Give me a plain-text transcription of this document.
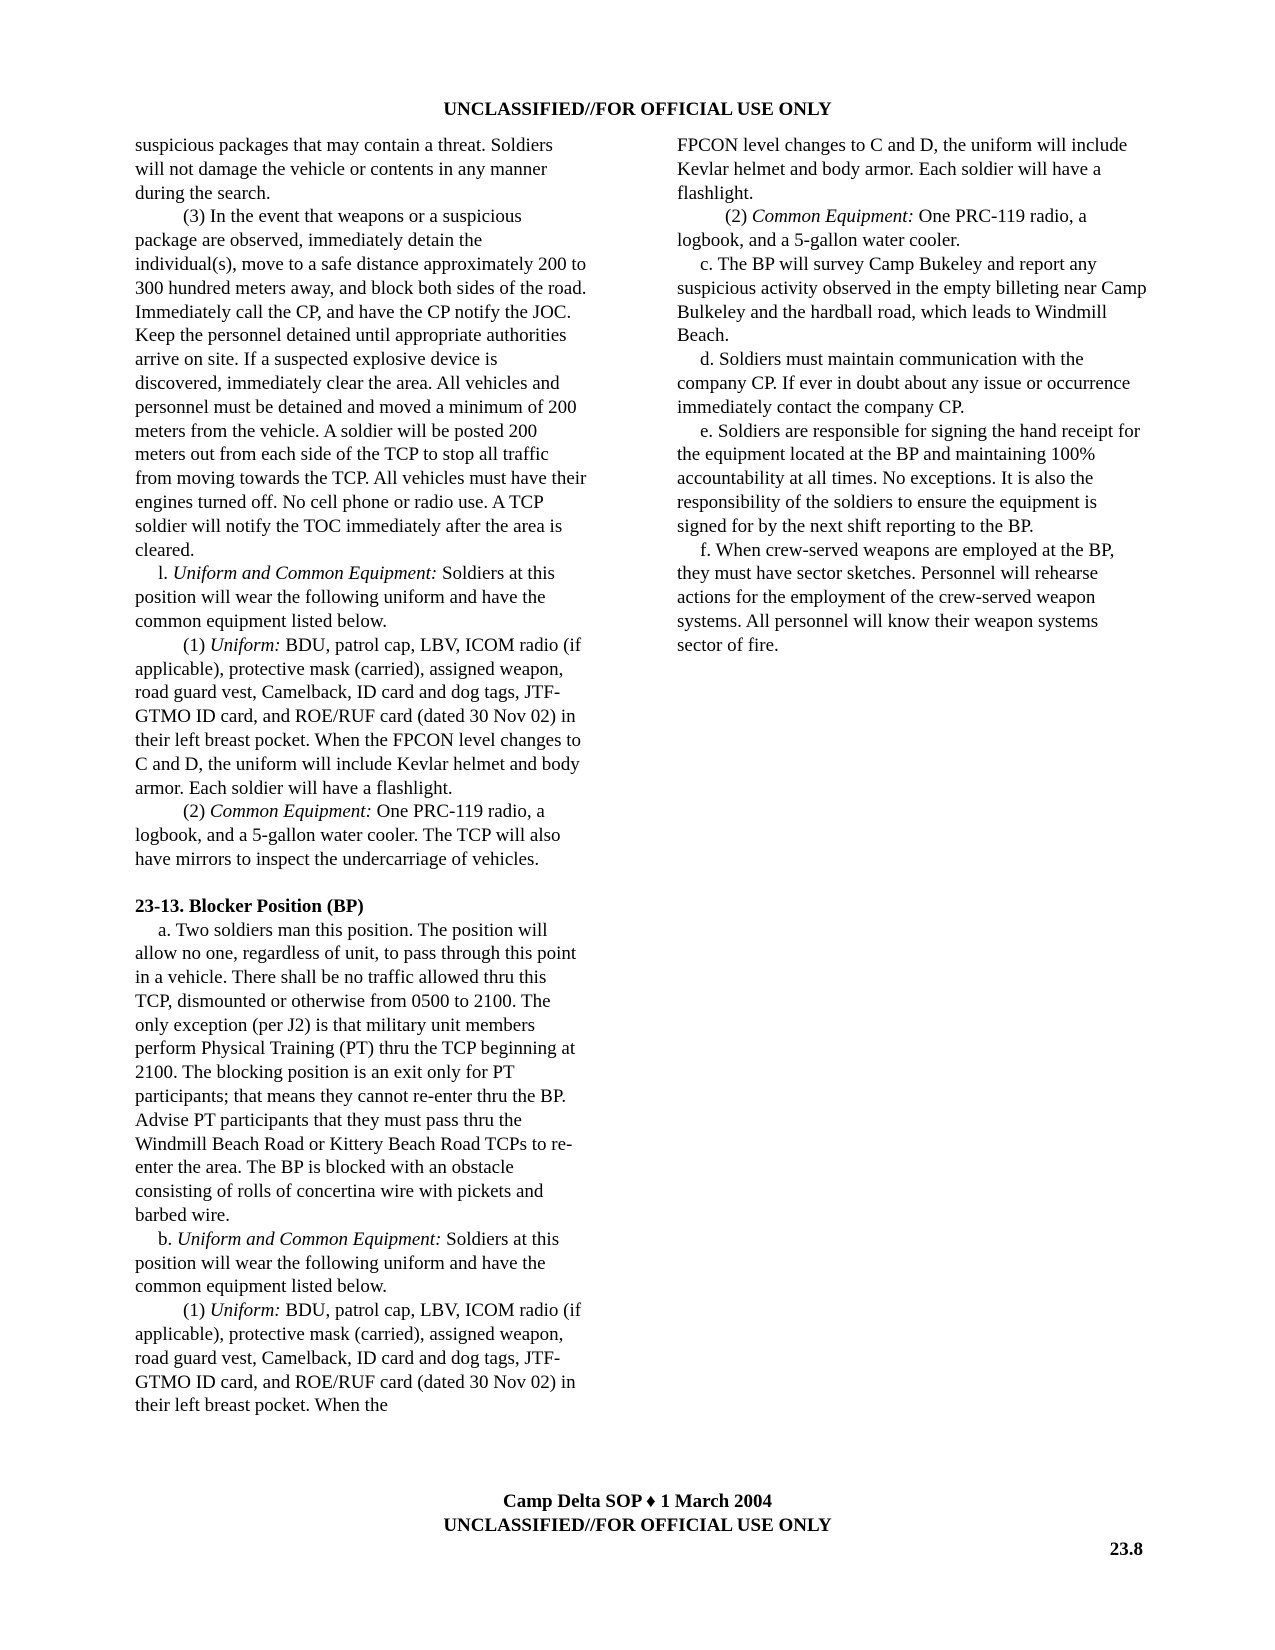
UNCLASSIFIED//FOR OFFICIAL USE ONLY

suspicious packages that may contain a threat. Soldiers will not damage the vehicle or contents in any manner during the search.

(3) In the event that weapons or a suspicious package are observed, immediately detain the individual(s), move to a safe distance approximately 200 to 300 hundred meters away, and block both sides of the road. Immediately call the CP, and have the CP notify the JOC. Keep the personnel detained until appropriate authorities arrive on site. If a suspected explosive device is discovered, immediately clear the area. All vehicles and personnel must be detained and moved a minimum of 200 meters from the vehicle. A soldier will be posted 200 meters out from each side of the TCP to stop all traffic from moving towards the TCP. All vehicles must have their engines turned off. No cell phone or radio use. A TCP soldier will notify the TOC immediately after the area is cleared.

l. Uniform and Common Equipment: Soldiers at this position will wear the following uniform and have the common equipment listed below.

(1) Uniform: BDU, patrol cap, LBV, ICOM radio (if applicable), protective mask (carried), assigned weapon, road guard vest, Camelback, ID card and dog tags, JTF-GTMO ID card, and ROE/RUF card (dated 30 Nov 02) in their left breast pocket. When the FPCON level changes to C and D, the uniform will include Kevlar helmet and body armor. Each soldier will have a flashlight.

(2) Common Equipment: One PRC-119 radio, a logbook, and a 5-gallon water cooler. The TCP will also have mirrors to inspect the undercarriage of vehicles.

23-13. Blocker Position (BP)

a. Two soldiers man this position. The position will allow no one, regardless of unit, to pass through this point in a vehicle. There shall be no traffic allowed thru this TCP, dismounted or otherwise from 0500 to 2100. The only exception (per J2) is that military unit members perform Physical Training (PT) thru the TCP beginning at 2100. The blocking position is an exit only for PT participants; that means they cannot re-enter thru the BP. Advise PT participants that they must pass thru the Windmill Beach Road or Kittery Beach Road TCPs to re-enter the area. The BP is blocked with an obstacle consisting of rolls of concertina wire with pickets and barbed wire.

b. Uniform and Common Equipment: Soldiers at this position will wear the following uniform and have the common equipment listed below.

(1) Uniform: BDU, patrol cap, LBV, ICOM radio (if applicable), protective mask (carried), assigned weapon, road guard vest, Camelback, ID card and dog tags, JTF-GTMO ID card, and ROE/RUF card (dated 30 Nov 02) in their left breast pocket. When the

FPCON level changes to C and D, the uniform will include Kevlar helmet and body armor. Each soldier will have a flashlight.

(2) Common Equipment: One PRC-119 radio, a logbook, and a 5-gallon water cooler.

c. The BP will survey Camp Bukeley and report any suspicious activity observed in the empty billeting near Camp Bulkeley and the hardball road, which leads to Windmill Beach.

d. Soldiers must maintain communication with the company CP. If ever in doubt about any issue or occurrence immediately contact the company CP.

e. Soldiers are responsible for signing the hand receipt for the equipment located at the BP and maintaining 100% accountability at all times. No exceptions. It is also the responsibility of the soldiers to ensure the equipment is signed for by the next shift reporting to the BP.

f. When crew-served weapons are employed at the BP, they must have sector sketches. Personnel will rehearse actions for the employment of the crew-served weapon systems. All personnel will know their weapon systems sector of fire.

Camp Delta SOP ♦ 1 March 2004
UNCLASSIFIED//FOR OFFICIAL USE ONLY
23.8
